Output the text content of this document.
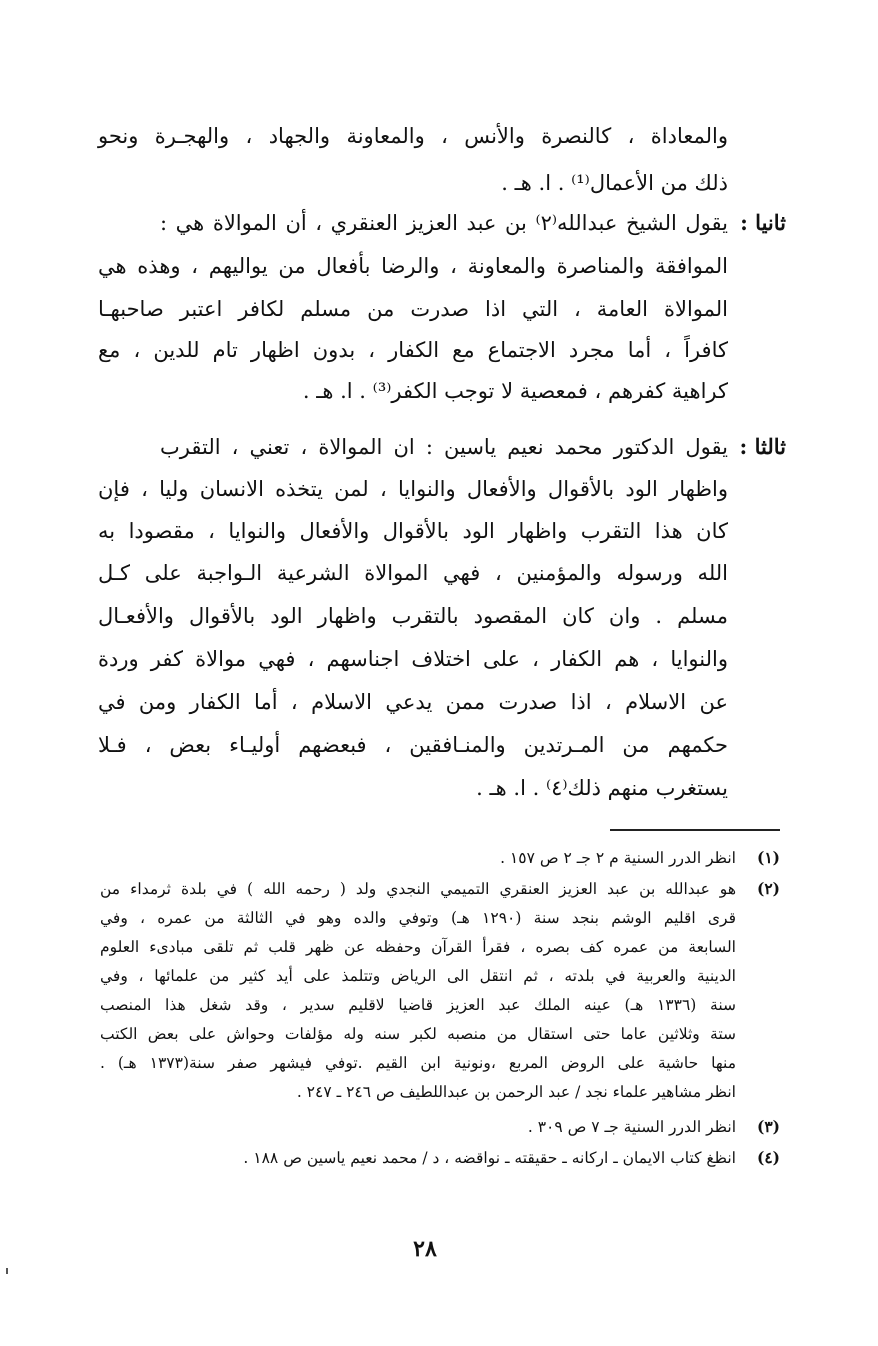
والمعاداة ، كالنصرة والأنس ، والمعاونة والجهاد ، والهجـرة ونحو
ذلك من الأعمال⁽¹⁾ . ا. هـ .
ثانيا :
يقول الشيخ عبدالله⁽٢⁾ بن عبد العزيز العنقري ، أن الموالاة هي :
الموافقة والمناصرة والمعاونة ، والرضا بأفعال من يواليهم ، وهذه هي
الموالاة العامة ، التي اذا صدرت من مسلم لكافر اعتبر صاحبهـا
كافراً ، أما مجرد الاجتماع مع الكفار ، بدون اظهار تام للدين ، مع
كراهية كفرهم ، فمعصية لا توجب الكفر⁽³⁾ . ا. هـ .
ثالثا :
يقول الدكتور محمد نعيم ياسين : ان الموالاة ، تعني ، التقرب
واظهار الود بالأقوال والأفعال والنوايا ، لمن يتخذه الانسان وليا ، فإن
كان هذا التقرب واظهار الود بالأقوال والأفعال والنوايا ، مقصودا به
الله ورسوله والمؤمنين ، فهي الموالاة الشرعية الـواجبة على كـل
مسلم . وان كان المقصود بالتقرب واظهار الود بالأقوال والأفعـال
والنوايا ، هم الكفار ، على اختلاف اجناسهم ، فهي موالاة كفر وردة
عن الاسلام ، اذا صدرت ممن يدعي الاسلام ، أما الكفار ومن في
حكمهم من المـرتدين والمنـافقين ، فبعضهم أوليـاء بعض ، فـلا
يستغرب منهم ذلك⁽٤⁾ . ا. هـ .
(١)
انظر الدرر السنية م ٢ جـ ٢ ص ١٥٧ .
(٢)
هو عبدالله بن عبد العزيز العنقري التميمي النجدي ولد ( رحمه الله ) في بلدة ثرمداء من
قرى اقليم الوشم بنجد سنة (١٢٩٠ هـ) وتوفي والده وهو في الثالثة من عمره ، وفي
السابعة من عمره كف بصره ، فقرأ القرآن وحفظه عن ظهر قلب ثم تلقى مبادىء العلوم
الدينية والعربية في بلدته ، ثم انتقل الى الرياض وتتلمذ على أيد كثير من علمائها ، وفي
سنة (١٣٣٦ هـ) عينه الملك عبد العزيز قاضيا لاقليم سدير ، وقد شغل هذا المنصب
ستة وثلاثين عاما حتى استقال من منصبه لكبر سنه وله مؤلفات وحواش على بعض الكتب
منها حاشية على الروض المربع ،ونونية ابن القيم .توفي فيشهر صفر سنة(١٣٧٣ هـ) .
انظر مشاهير علماء نجد / عبد الرحمن بن عبداللطيف ص ٢٤٦ ـ ٢٤٧ .
(٣)
انظر الدرر السنية جـ ٧ ص ٣٠٩ .
(٤)
انظغ كتاب الايمان ـ اركانه ـ حقيقته ـ نواقضه ، د / محمد نعيم ياسين ص ١٨٨ .
٢٨
